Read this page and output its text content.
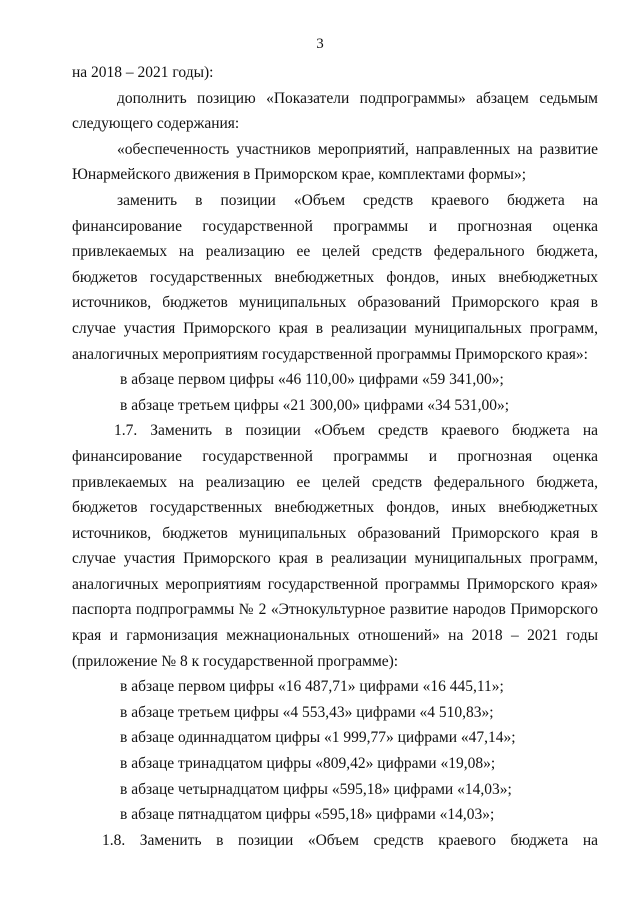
3
на 2018 – 2021 годы):
дополнить позицию «Показатели подпрограммы» абзацем седьмым
следующего содержания:
«обеспеченность участников мероприятий, направленных на развитие
Юнармейского движения в Приморском крае, комплектами формы»;
заменить в позиции «Объем средств краевого бюджета на
финансирование государственной программы и прогнозная оценка
привлекаемых на реализацию ее целей средств федерального бюджета,
бюджетов государственных внебюджетных фондов, иных внебюджетных
источников, бюджетов муниципальных образований Приморского края в
случае участия Приморского края в реализации муниципальных программ,
аналогичных мероприятиям государственной программы Приморского края»:
в абзаце первом цифры «46 110,00» цифрами «59 341,00»;
в абзаце третьем цифры «21 300,00» цифрами «34 531,00»;
1.7. Заменить в позиции «Объем средств краевого бюджета на
финансирование государственной программы и прогнозная оценка
привлекаемых на реализацию ее целей средств федерального бюджета,
бюджетов государственных внебюджетных фондов, иных внебюджетных
источников, бюджетов муниципальных образований Приморского края в
случае участия Приморского края в реализации муниципальных программ,
аналогичных мероприятиям государственной программы Приморского края»
паспорта подпрограммы № 2 «Этнокультурное развитие народов Приморского
края и гармонизация межнациональных отношений» на 2018 – 2021 годы
(приложение № 8 к государственной программе):
в абзаце первом цифры «16 487,71» цифрами «16 445,11»;
в абзаце третьем цифры «4 553,43» цифрами «4 510,83»;
в абзаце одиннадцатом цифры «1 999,77» цифрами «47,14»;
в абзаце тринадцатом цифры «809,42» цифрами «19,08»;
в абзаце четырнадцатом цифры «595,18» цифрами «14,03»;
в абзаце пятнадцатом цифры «595,18» цифрами «14,03»;
1.8. Заменить в позиции «Объем средств краевого бюджета на
